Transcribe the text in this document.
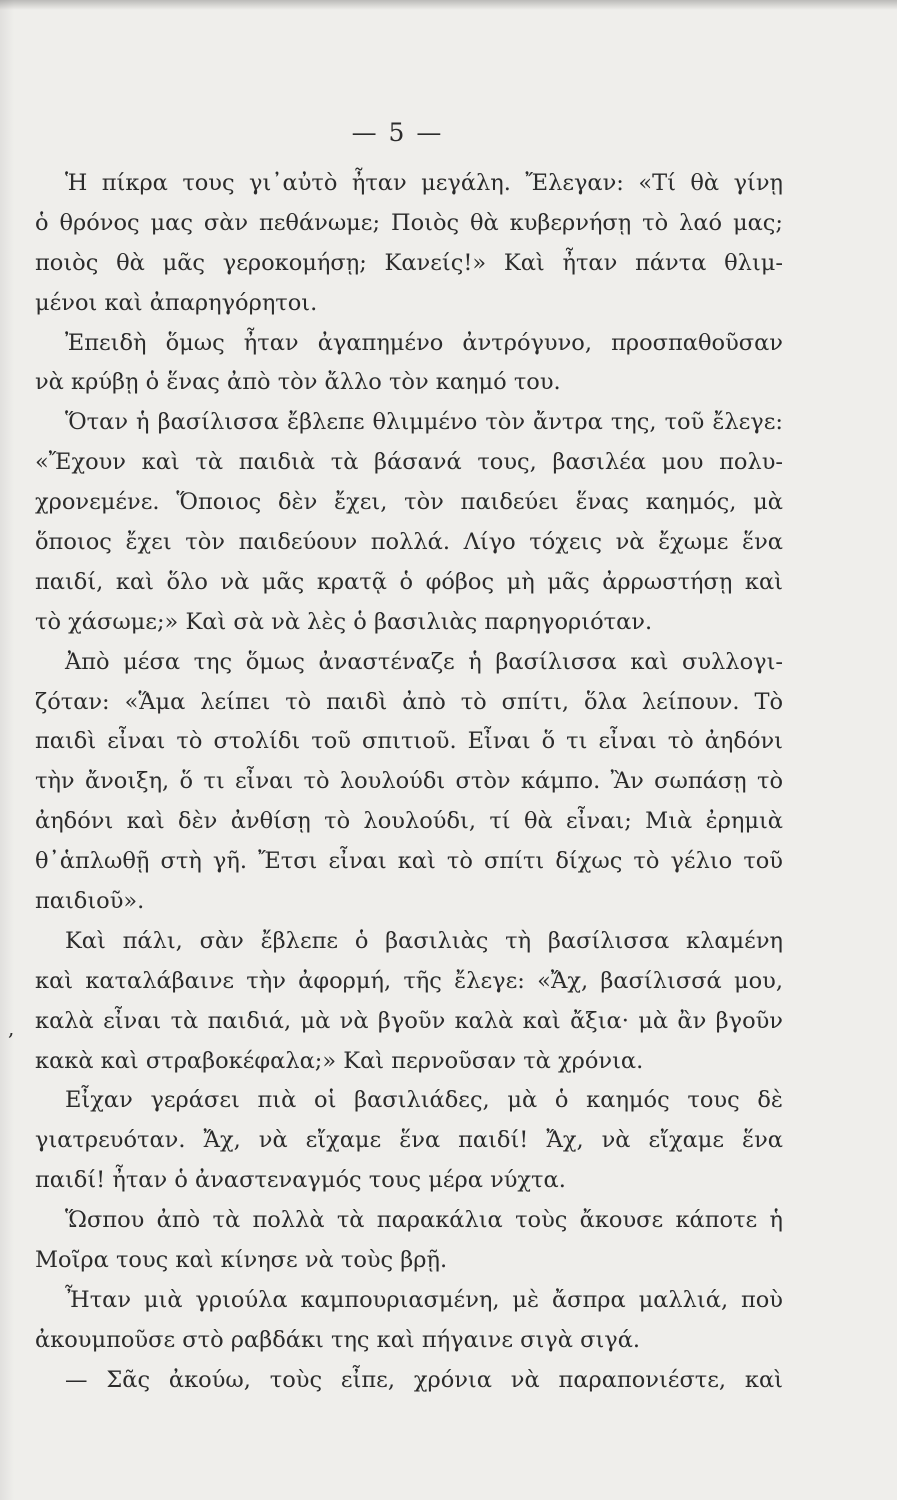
— 5 —
,
Ἡ πίκρα τους γι᾽αὐτὸ ἦταν μεγάλη. Ἔλεγαν: «Τί θὰ γίνῃ
ὁ θρόνος μας σὰν πεθάνωμε; Ποιὸς θὰ κυβερνήσῃ τὸ λαό μας;
ποιὸς θὰ μᾶς γεροκομήσῃ; Κανείς!» Καὶ ἦταν πάντα θλιμ-
μένοι καὶ ἀπαρηγόρητοι.
Ἐπειδὴ ὅμως ἦταν ἀγαπημένο ἀντρόγυνο, προσπαθοῦσαν
νὰ κρύβῃ ὁ ἕνας ἀπὸ τὸν ἄλλο τὸν καημό του.
Ὅταν ἡ βασίλισσα ἔβλεπε θλιμμένο τὸν ἄντρα της, τοῦ ἔλεγε:
«Ἔχουν καὶ τὰ παιδιὰ τὰ βάσανά τους, βασιλέα μου πολυ-
χρονεμένε. Ὅποιος δὲν ἔχει, τὸν παιδεύει ἕνας καημός, μὰ
ὅποιος ἔχει τὸν παιδεύουν πολλά. Λίγο τόχεις νὰ ἔχωμε ἕνα
παιδί, καὶ ὅλο νὰ μᾶς κρατᾷ ὁ φόβος μὴ μᾶς ἀρρωστήσῃ καὶ
τὸ χάσωμε;» Καὶ σὰ νὰ λὲς ὁ βασιλιὰς παρηγοριόταν.
Ἀπὸ μέσα της ὅμως ἀναστέναζε ἡ βασίλισσα καὶ συλλογι-
ζόταν: «Ἅμα λείπει τὸ παιδὶ ἀπὸ τὸ σπίτι, ὅλα λείπουν. Τὸ
παιδὶ εἶναι τὸ στολίδι τοῦ σπιτιοῦ. Εἶναι ὅ τι εἶναι τὸ ἀηδόνι
τὴν ἄνοιξη, ὅ τι εἶναι τὸ λουλούδι στὸν κάμπο. Ἂν σωπάσῃ τὸ
ἀηδόνι καὶ δὲν ἀνθίσῃ τὸ λουλούδι, τί θὰ εἶναι; Μιὰ ἐρημιὰ
θ᾽ἁπλωθῇ στὴ γῆ. Ἔτσι εἶναι καὶ τὸ σπίτι δίχως τὸ γέλιο τοῦ
παιδιοῦ».
Καὶ πάλι, σὰν ἔβλεπε ὁ βασιλιὰς τὴ βασίλισσα κλαμένη
καὶ καταλάβαινε τὴν ἀφορμή, τῆς ἔλεγε: «Ἄχ, βασίλισσά μου,
καλὰ εἶναι τὰ παιδιά, μὰ νὰ βγοῦν καλὰ καὶ ἄξια· μὰ ἂν βγοῦν
κακὰ καὶ στραβοκέφαλα;» Καὶ περνοῦσαν τὰ χρόνια.
Εἶχαν γεράσει πιὰ οἱ βασιλιάδες, μὰ ὁ καημός τους δὲ
γιατρευόταν. Ἄχ, νὰ εἴχαμε ἕνα παιδί! Ἄχ, νὰ εἴχαμε ἕνα
παιδί! ἦταν ὁ ἀναστεναγμός τους μέρα νύχτα.
Ὥσπου ἀπὸ τὰ πολλὰ τὰ παρακάλια τοὺς ἄκουσε κάποτε ἡ
Μοῖρα τους καὶ κίνησε νὰ τοὺς βρῇ.
Ἦταν μιὰ γριούλα καμπουριασμένη, μὲ ἄσπρα μαλλιά, ποὺ
ἀκουμποῦσε στὸ ραβδάκι της καὶ πήγαινε σιγὰ σιγά.
— Σᾶς ἀκούω, τοὺς εἶπε, χρόνια νὰ παραπονιέστε, καὶ
